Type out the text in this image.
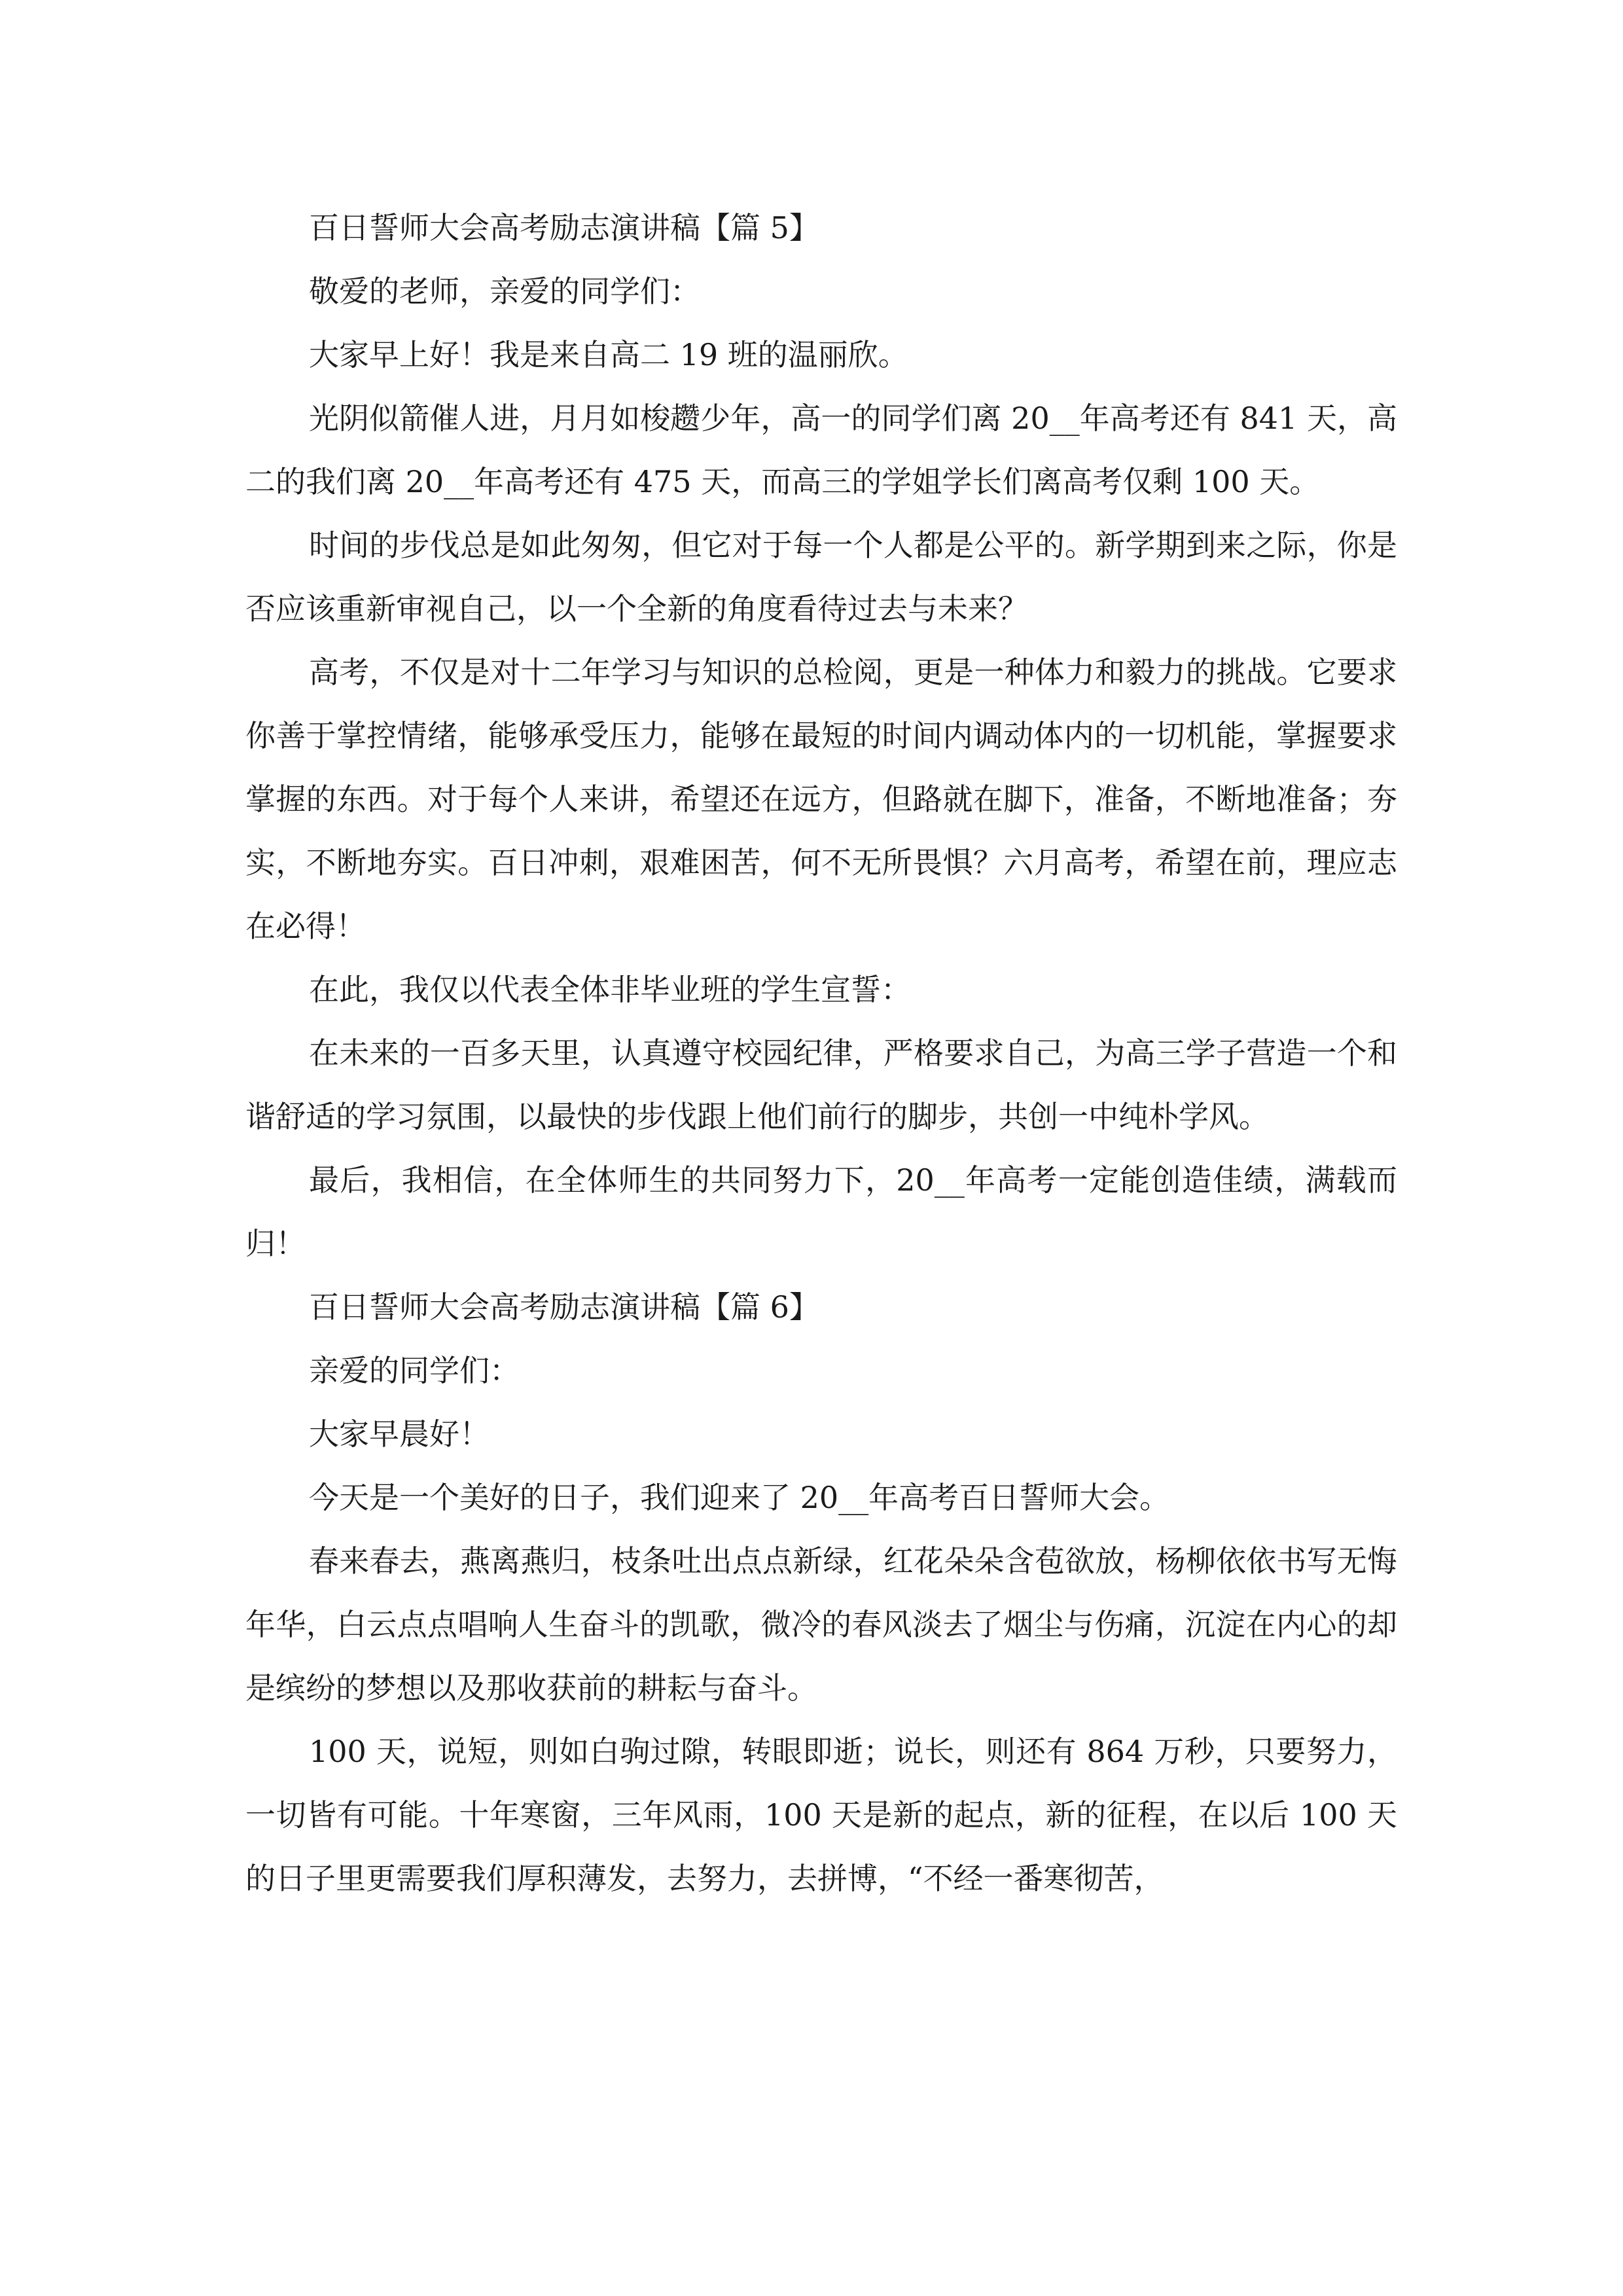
百日誓师大会高考励志演讲稿【篇 5】

敬爱的老师，亲爱的同学们：

大家早上好！我是来自高二 19 班的温丽欣。

光阴似箭催人进，月月如梭趱少年，高一的同学们离 20__年高考还有 841 天，高二的我们离 20__年高考还有 475 天，而高三的学姐学长们离高考仅剩 100 天。

时间的步伐总是如此匆匆，但它对于每一个人都是公平的。新学期到来之际，你是否应该重新审视自己，以一个全新的角度看待过去与未来？

高考，不仅是对十二年学习与知识的总检阅，更是一种体力和毅力的挑战。它要求你善于掌控情绪，能够承受压力，能够在最短的时间内调动体内的一切机能，掌握要求掌握的东西。对于每个人来讲，希望还在远方，但路就在脚下，准备，不断地准备；夯实，不断地夯实。百日冲刺，艰难困苦，何不无所畏惧？六月高考，希望在前，理应志在必得！

在此，我仅以代表全体非毕业班的学生宣誓：

在未来的一百多天里，认真遵守校园纪律，严格要求自己，为高三学子营造一个和谐舒适的学习氛围，以最快的步伐跟上他们前行的脚步，共创一中纯朴学风。

最后，我相信，在全体师生的共同努力下，20__年高考一定能创造佳绩，满载而归！

百日誓师大会高考励志演讲稿【篇 6】

亲爱的同学们：

大家早晨好！

今天是一个美好的日子，我们迎来了 20__年高考百日誓师大会。

春来春去，燕离燕归，枝条吐出点点新绿，红花朵朵含苞欲放，杨柳依依书写无悔年华，白云点点唱响人生奋斗的凯歌，微冷的春风淡去了烟尘与伤痛，沉淀在内心的却是缤纷的梦想以及那收获前的耕耘与奋斗。

100 天，说短，则如白驹过隙，转眼即逝；说长，则还有 864 万秒，只要努力，一切皆有可能。十年寒窗，三年风雨，100 天是新的起点，新的征程，在以后 100 天的日子里更需要我们厚积薄发，去努力，去拼博，“不经一番寒彻苦，
